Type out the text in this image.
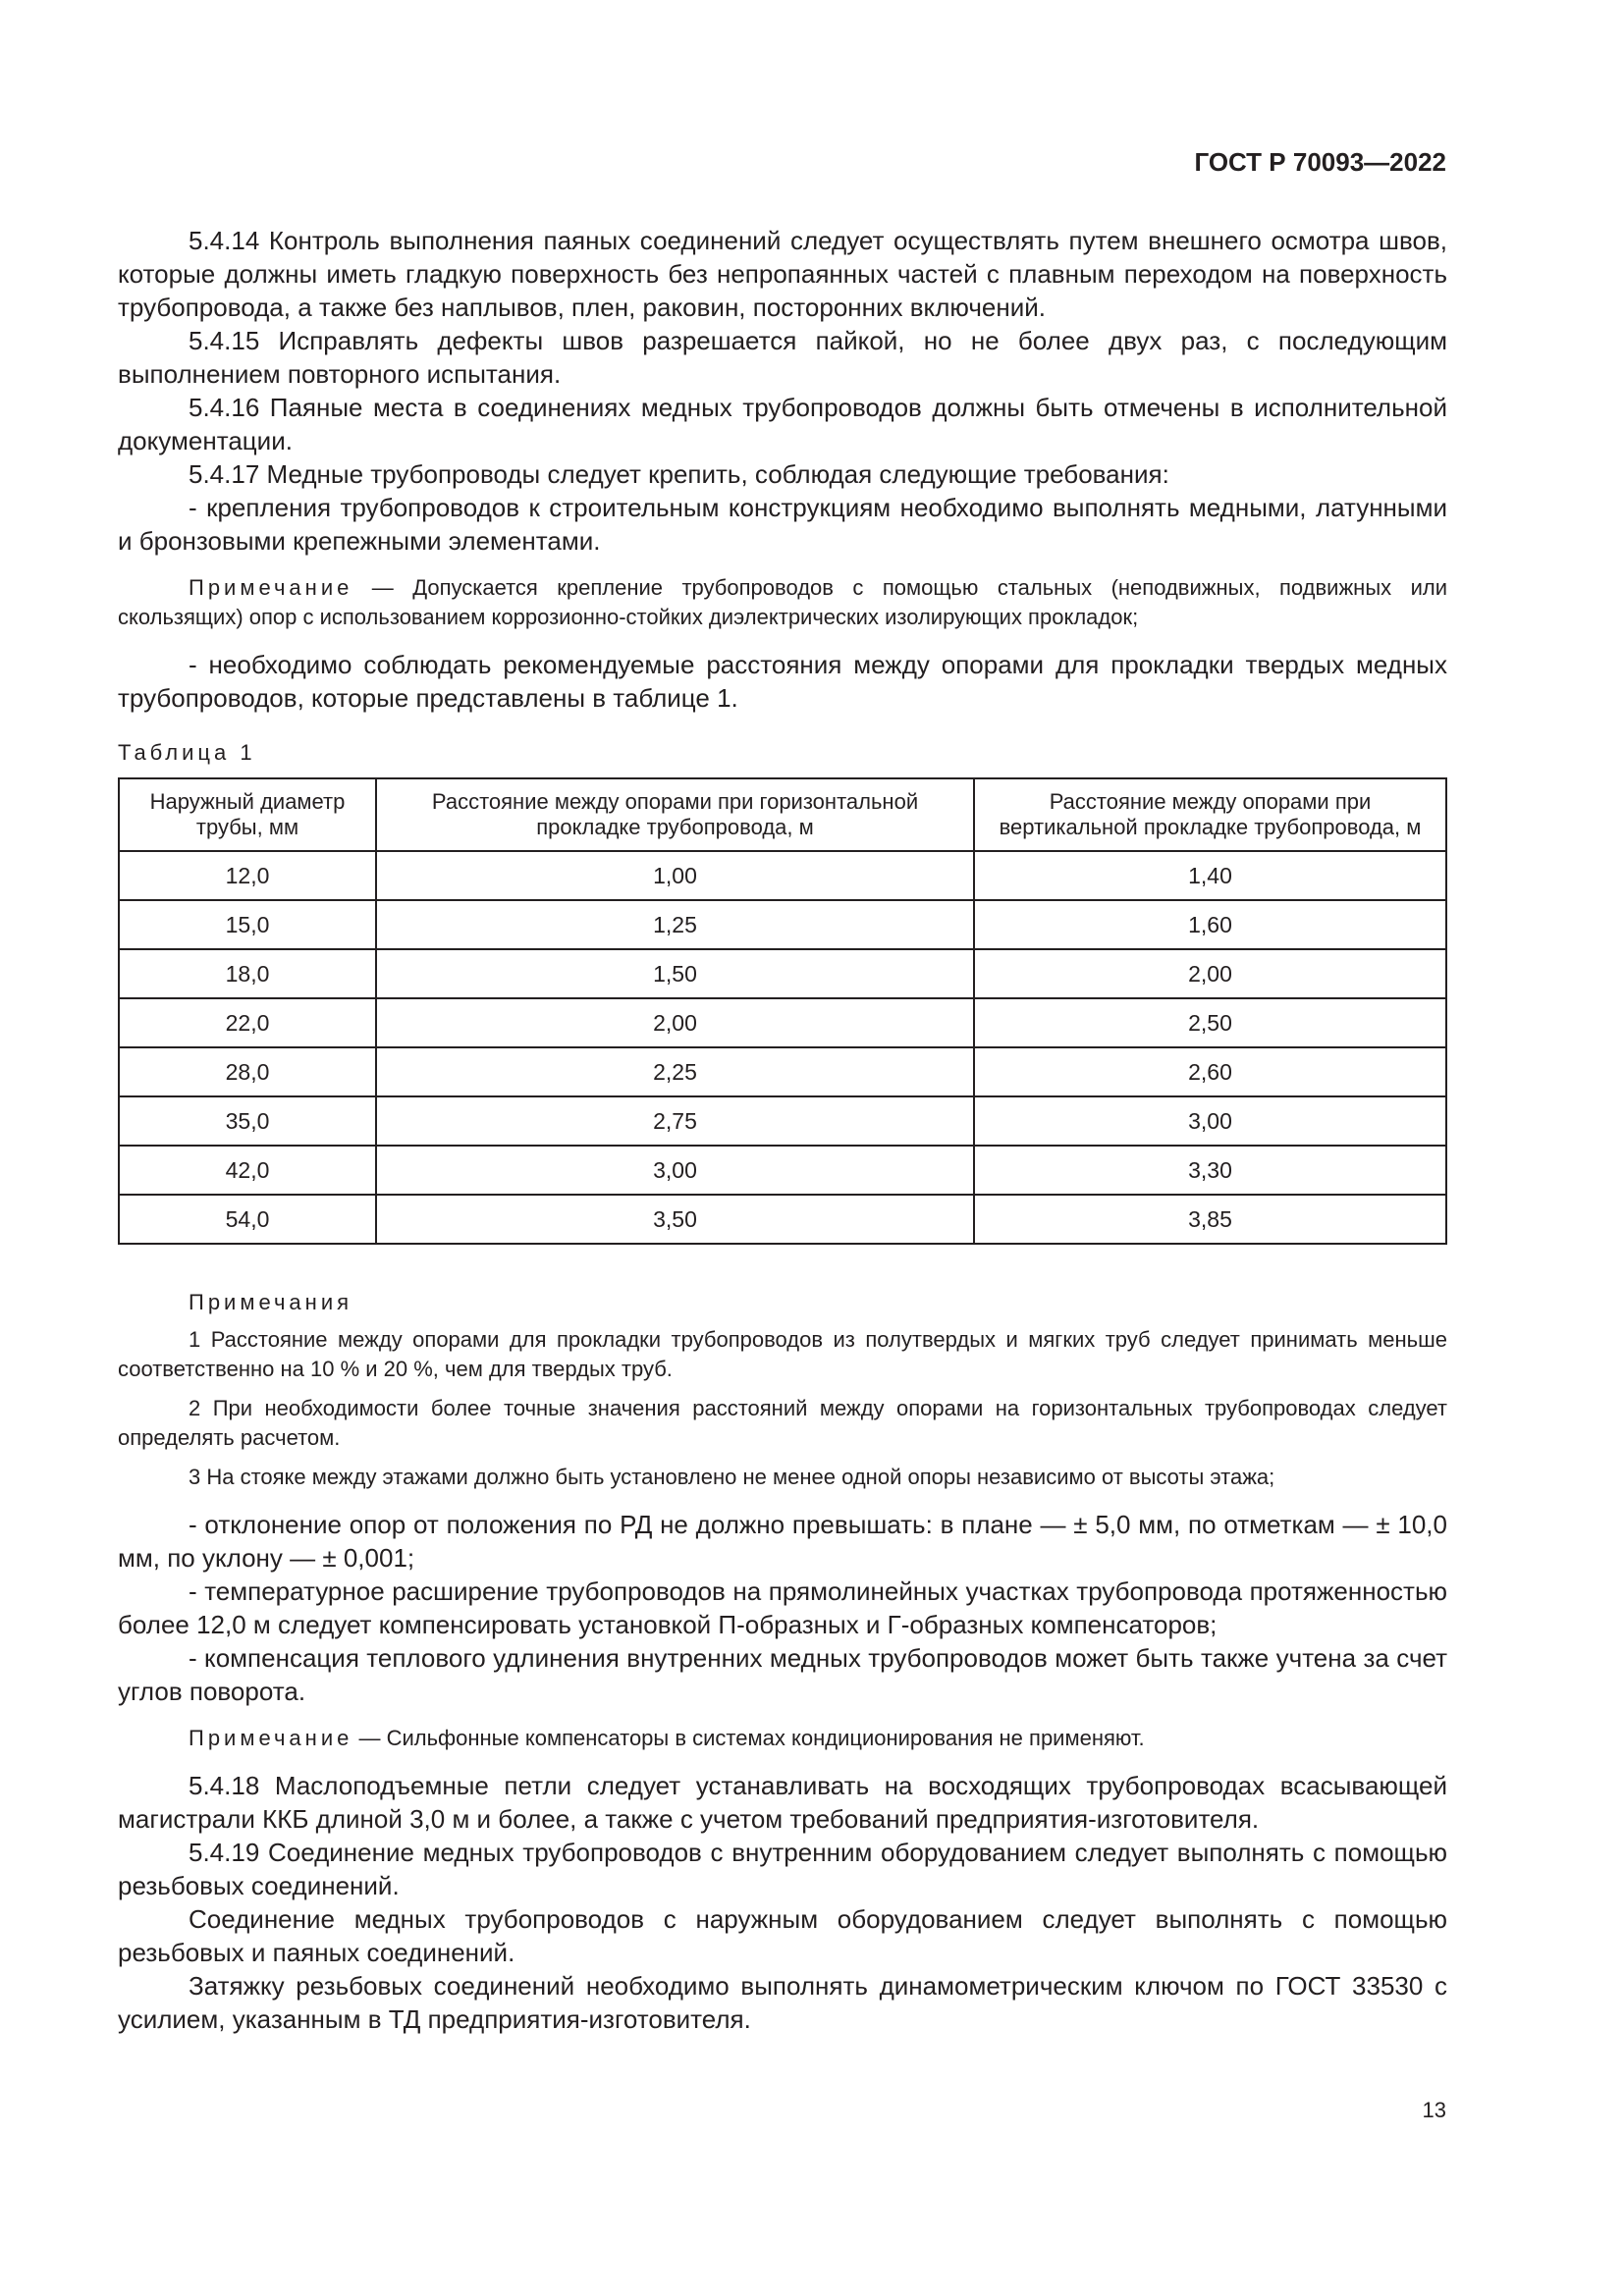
ГОСТ Р 70093—2022

5.4.14 Контроль выполнения паяных соединений следует осуществлять путем внешнего осмотра швов, которые должны иметь гладкую поверхность без непропаянных частей с плавным переходом на поверхность трубопровода, а также без наплывов, плен, раковин, посторонних включений.

5.4.15 Исправлять дефекты швов разрешается пайкой, но не более двух раз, с последующим выполнением повторного испытания.

5.4.16 Паяные места в соединениях медных трубопроводов должны быть отмечены в исполнительной документации.

5.4.17 Медные трубопроводы следует крепить, соблюдая следующие требования:

- крепления трубопроводов к строительным конструкциям необходимо выполнять медными, латунными и бронзовыми крепежными элементами.

Примечание — Допускается крепление трубопроводов с помощью стальных (неподвижных, подвижных или скользящих) опор с использованием коррозионно-стойких диэлектрических изолирующих прокладок;

- необходимо соблюдать рекомендуемые расстояния между опорами для прокладки твердых медных трубопроводов, которые представлены в таблице 1.

Таблица 1

Наружный диаметр трубы, мм	Расстояние между опорами при горизонтальной прокладке трубопровода, м	Расстояние между опорами при вертикальной прокладке трубопровода, м
12,0	1,00	1,40
15,0	1,25	1,60
18,0	1,50	2,00
22,0	2,00	2,50
28,0	2,25	2,60
35,0	2,75	3,00
42,0	3,00	3,30
54,0	3,50	3,85

Примечания

1 Расстояние между опорами для прокладки трубопроводов из полутвердых и мягких труб следует принимать меньше соответственно на 10 % и 20 %, чем для твердых труб.

2 При необходимости более точные значения расстояний между опорами на горизонтальных трубопроводах следует определять расчетом.

3 На стояке между этажами должно быть установлено не менее одной опоры независимо от высоты этажа;

- отклонение опор от положения по РД не должно превышать: в плане — ± 5,0 мм, по отметкам — ± 10,0 мм, по уклону — ± 0,001;

- температурное расширение трубопроводов на прямолинейных участках трубопровода протяженностью более 12,0 м следует компенсировать установкой П-образных и Г-образных компенсаторов;

- компенсация теплового удлинения внутренних медных трубопроводов может быть также учтена за счет углов поворота.

Примечание — Сильфонные компенсаторы в системах кондиционирования не применяют.

5.4.18 Маслоподъемные петли следует устанавливать на восходящих трубопроводах всасывающей магистрали ККБ длиной 3,0 м и более, а также с учетом требований предприятия-изготовителя.

5.4.19 Соединение медных трубопроводов с внутренним оборудованием следует выполнять с помощью резьбовых соединений.

Соединение медных трубопроводов с наружным оборудованием следует выполнять с помощью резьбовых и паяных соединений.

Затяжку резьбовых соединений необходимо выполнять динамометрическим ключом по ГОСТ 33530 с усилием, указанным в ТД предприятия-изготовителя.

13
